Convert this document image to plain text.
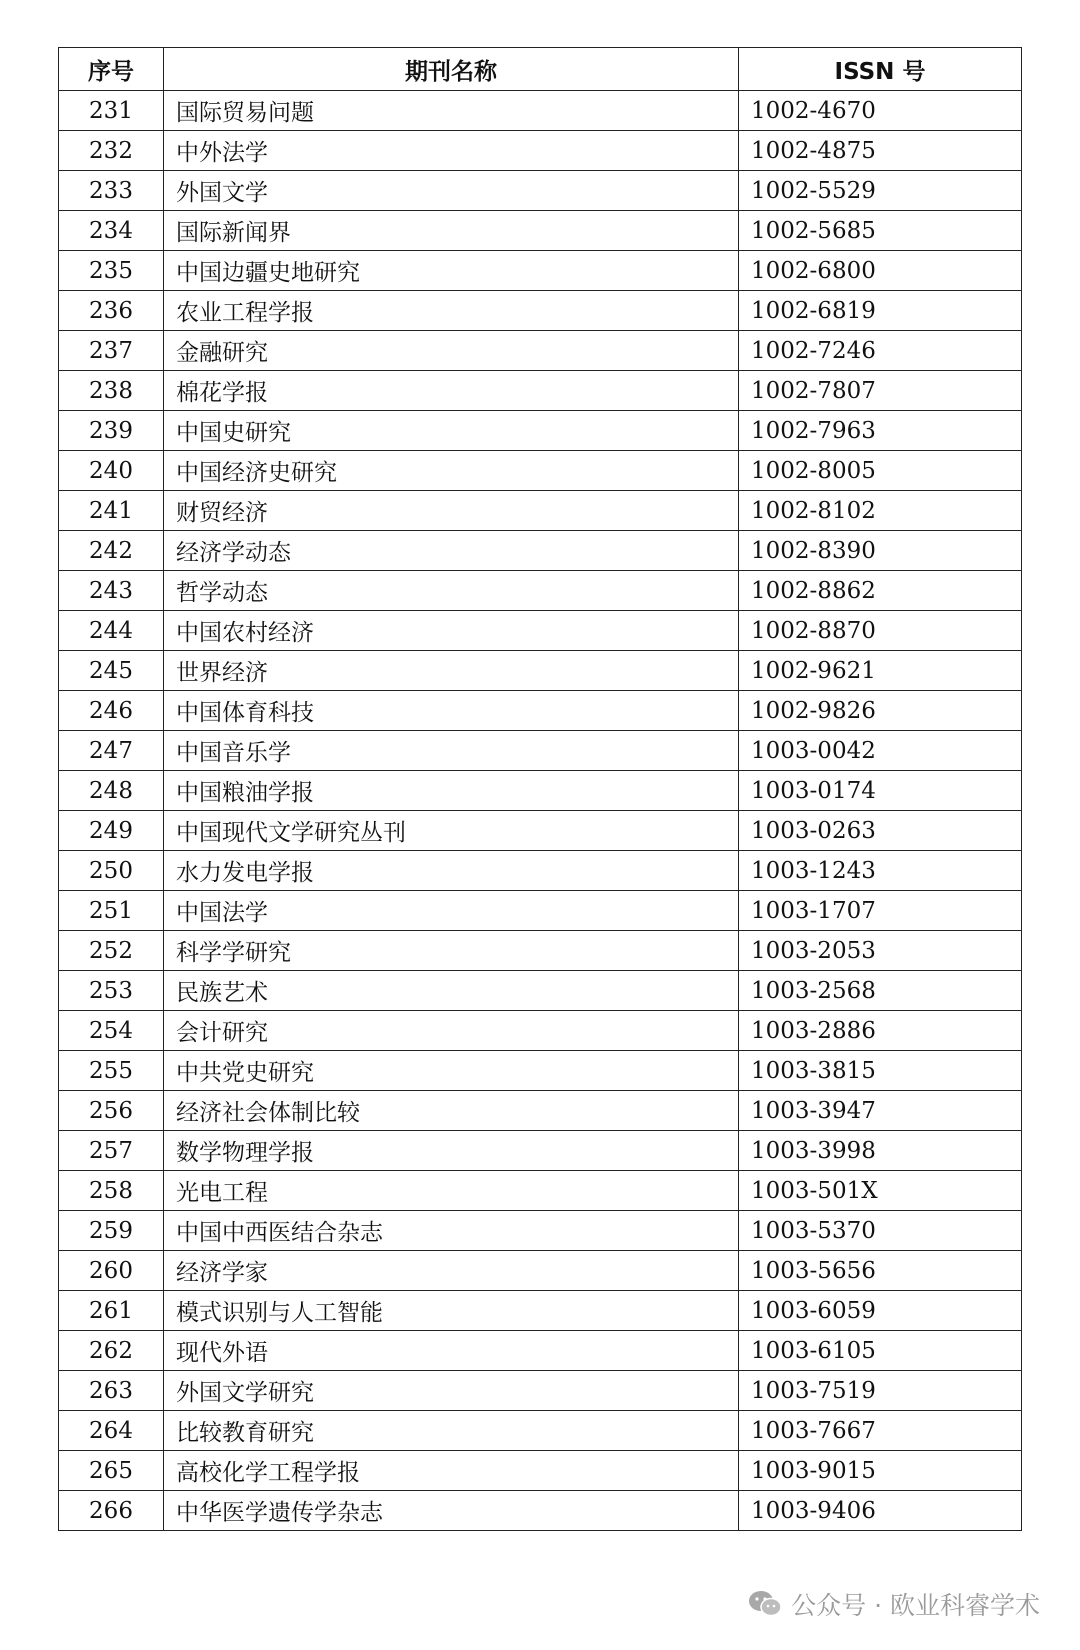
序号	期刊名称	ISSN 号
231	国际贸易问题	1002-4670
232	中外法学	1002-4875
233	外国文学	1002-5529
234	国际新闻界	1002-5685
235	中国边疆史地研究	1002-6800
236	农业工程学报	1002-6819
237	金融研究	1002-7246
238	棉花学报	1002-7807
239	中国史研究	1002-7963
240	中国经济史研究	1002-8005
241	财贸经济	1002-8102
242	经济学动态	1002-8390
243	哲学动态	1002-8862
244	中国农村经济	1002-8870
245	世界经济	1002-9621
246	中国体育科技	1002-9826
247	中国音乐学	1003-0042
248	中国粮油学报	1003-0174
249	中国现代文学研究丛刊	1003-0263
250	水力发电学报	1003-1243
251	中国法学	1003-1707
252	科学学研究	1003-2053
253	民族艺术	1003-2568
254	会计研究	1003-2886
255	中共党史研究	1003-3815
256	经济社会体制比较	1003-3947
257	数学物理学报	1003-3998
258	光电工程	1003-501X
259	中国中西医结合杂志	1003-5370
260	经济学家	1003-5656
261	模式识别与人工智能	1003-6059
262	现代外语	1003-6105
263	外国文学研究	1003-7519
264	比较教育研究	1003-7667
265	高校化学工程学报	1003-9015
266	中华医学遗传学杂志	1003-9406
公众号 · 欧业科睿学术
